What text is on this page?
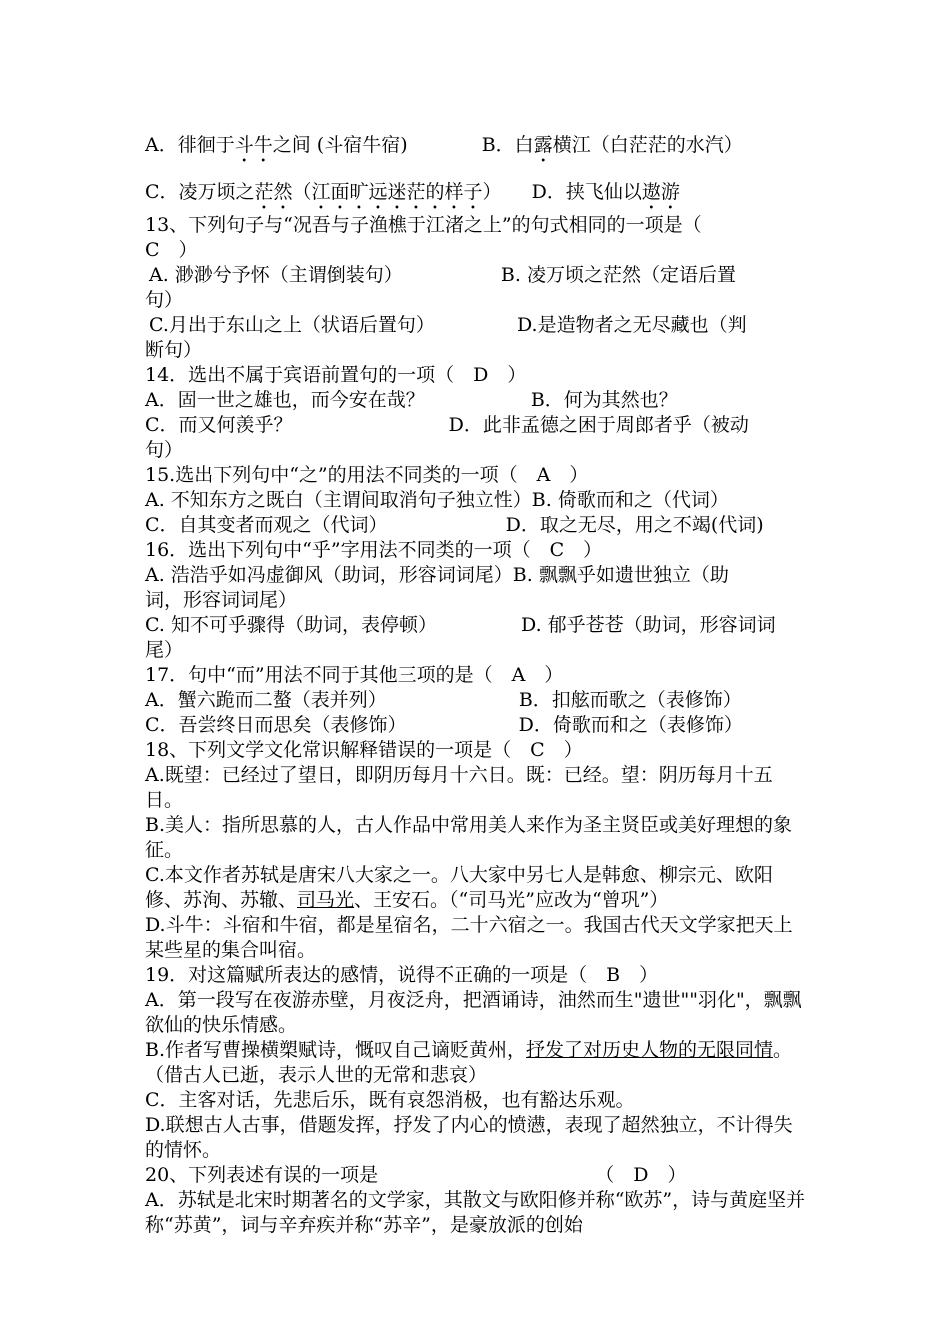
A．徘徊于斗牛之间 (斗宿牛宿)	B．白露横江（白茫茫的水汽）
C．凌万顷之茫然（江面旷远迷茫的样子） D．挟飞仙以遨游
13、下列句子与“况吾与子渔樵于江渚之上”的句式相同的一项是（
C　）
A. 渺渺兮予怀（主谓倒装句）	B. 凌万顷之茫然（定语后置
句）
C.月出于东山之上（状语后置句）	D.是造物者之无尽藏也（判
断句）
14．选出不属于宾语前置句的一项（　D　）
A．固一世之雄也，而今安在哉？	B．何为其然也？
C．而又何羡乎？	D．此非孟德之困于周郎者乎（被动
句）
15.选出下列句中“之”的用法不同类的一项（　A　）
A. 不知东方之既白（主谓间取消句子独立性）B. 倚歌而和之（代词）
C．自其变者而观之（代词）	D．取之无尽，用之不竭(代词)
16．选出下列句中“乎”字用法不同类的一项（　C　）
A. 浩浩乎如冯虚御风（助词，形容词词尾）B. 飘飘乎如遗世独立（助
词，形容词词尾）
C. 知不可乎骤得（助词，表停顿）	D. 郁乎苍苍（助词，形容词词
尾）
17．句中“而”用法不同于其他三项的是（　A　）
A．蟹六跪而二螯（表并列）	B．扣舷而歌之（表修饰）
C．吾尝终日而思矣（表修饰）	D．倚歌而和之（表修饰）
18、下列文学文化常识解释错误的一项是（　C　）
A.既望：已经过了望日，即阴历每月十六日。既：已经。望：阴历每月十五日。
B.美人：指所思慕的人，古人作品中常用美人来作为圣主贤臣或美好理想的象征。
C.本文作者苏轼是唐宋八大家之一。八大家中另七人是韩愈、柳宗元、欧阳修、苏洵、苏辙、司马光、王安石。（“司马光”应改为“曾巩”）
D.斗牛：斗宿和牛宿，都是星宿名，二十六宿之一。我国古代天文学家把天上某些星的集合叫宿。
19．对这篇赋所表达的感情，说得不正确的一项是（　B　）
A．第一段写在夜游赤壁，月夜泛舟，把酒诵诗，油然而生"遗世""羽化"，飘飘欲仙的快乐情感。
B.作者写曹操横槊赋诗，慨叹自己谪贬黄州，抒发了对历史人物的无限同情。（借古人已逝，表示人世的无常和悲哀）
C．主客对话，先悲后乐，既有哀怨消极，也有豁达乐观。
D.联想古人古事，借题发挥，抒发了内心的愤懑，表现了超然独立，不计得失的情怀。
20、下列表述有误的一项是	（　D　）
A．苏轼是北宋时期著名的文学家，其散文与欧阳修并称“欧苏”，诗与黄庭坚并称“苏黄”，词与辛弃疾并称“苏辛”，是豪放派的创始
